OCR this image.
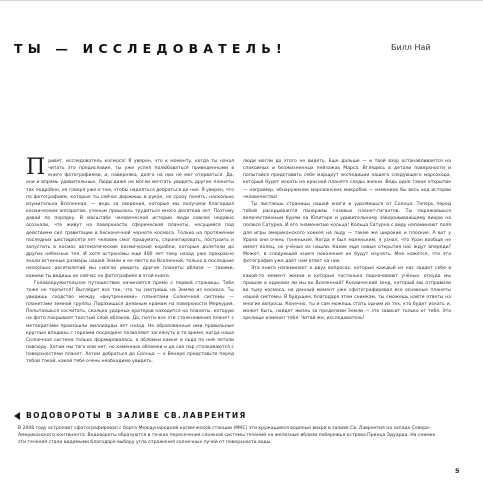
ТЫ — ИССЛЕДОВАТЕЛЬ!	Билл Най

Привет, исследователь космоса! Я уверен, что к моменту, когда ты начал читать это предисловие, ты уже успел полюбоваться приведенными в книге фотографиями, и, наверняка, долго на них не мог оторваться. Да, они и впрямь удивительные. Люди даже не могли мечтать увидеть другие планеты так подробно, не говоря уже о том, чтобы надеяться добраться до них. Я уверен, что по фотографиям, которые ты сейчас держишь в руках, не сразу понять, насколько изумительна Вселенная, — ведь за сведения, которые мы получили благодаря космическим аппаратам, ученым пришлось трудиться много десятков лет. Поэтому давай по порядку. В масштабе человеческой истории люди совсем недавно осознали, что живут на поверхности сферической планеты, несущейся под действием сил гравитации в бесконечной черноте космоса. Только на протяжении последних шестидесяти лет человек смог придумать, спроектировать, построить и запустить в космос автоматические космические корабли, которые долетели до других небесных тел. И хотя астрономы еще 400 лет тому назад уже прекрасно знали истинные размеры нашей Земли и ее место во Вселенной, только в последние несколько десятилетий мы смогли увидеть другие планеты вблизи — такими, какими ты видишь их сейчас на фотографиях в этой книге.

Головокружительное путешествие начинается прямо с первой страницы. Тебе тоже не терпится? Выглядит все так, что ты смотришь на Землю из космоса. Ты увидишь сходство между «внутренними» планетами Солнечной системы — планетами земной группы. Поразишься дневным крамам на поверхности Меркурия. Попытаешься сосчитать, сколько ударных кратеров находится на планеты, которую на фото покрывает толстый слой облаков. Да, почти все эти столкновения планет с метеоритами произошли миллиарды лет назад. Но образованные ими правильные круглые впадины с горками посредине позволяют заглянуть в то время, когда наша Солнечная система только формировалась, а обломки камня и льда по ней летали повсюду. Хотим мы того или нет, но каменные обломки и до сих пор сталкиваются с поверхностями планет. Хотим добраться до Солнца — к Венере представьте перед тобой такой, какой тебе очень необходимо увидеть.

люди могли до этого не видеть. Еще дальше — и твой взор останавливается на спокойных и безжизненных пейзажах Марса. Вглядись в детали поверхности и попытайся представить себе маршрут экспедиции нашего следующего марсохода, который будет искать на красной планете следы жизни. Ведь одно такое открытие — например, обнаружение марсианских микробов — изменило бы весь ход истории человечества!

Ты листаешь страницы нашей книги и удаляешься от Солнца. Теперь перед тобой раскрываются панорамы газовых планет-гигантов. Ты поражаешься величественным бурям на Юпитере и удивительному завораживающему вихрю на полюсе Сатурна. И его знаменитые кольца! Кольца Сатурна с виду напоминают поля для игры американского хоккея на льду — такие же широкие и плоские. А вот у Урана они очень тоненькие. Когда я был маленьким, я узнал, что Уран вообще не имеет колец, но учёные их нашли. Какие еще новые открытия нас ждут впереди? Может, в следующей книге поколения их будут изучать. Мне кажется, что эта фотография уже даёт нам ответ на них.

Эта книга напоминает о двух вопросах, которые каждый из нас задает себе в какой-то момент жизни и которые частенько подначивают учёных: откуда мы пришли и одиноки ли мы во Вселенной? Космический зонд, который мы отправили во тьму космоса, на данный момент уже сфотографировал все основные планеты нашей системы. В будущем, благодаря этим снимкам, ты сможешь найти ответы на многие вопросы. Конечно, ты и сам можешь стать одним из тех, кто будет искать и, может быть, найдет жизнь за пределами Земли — это зависит только от тебя. Это зрелище изменит тебя. Читай же, исследователь!

ВОДОВОРОТЫ В ЗАЛИВЕ СВ.ЛАВРЕНТИЯ
В 2008 году астронавт сфотографировал с борта Международной космической станции (МКС) эти кружащиеся водяные вихри в заливе Св. Лаврентия на западе Северо-Американского континента. Водовороты образуются в точках пересечения сложной системы течений на железные вблизи побережья острова Принца Эдуарда. На снимке эти течения стали видимыми благодаря выбору угла отражения солнечных лучей от поверхности воды.
5
